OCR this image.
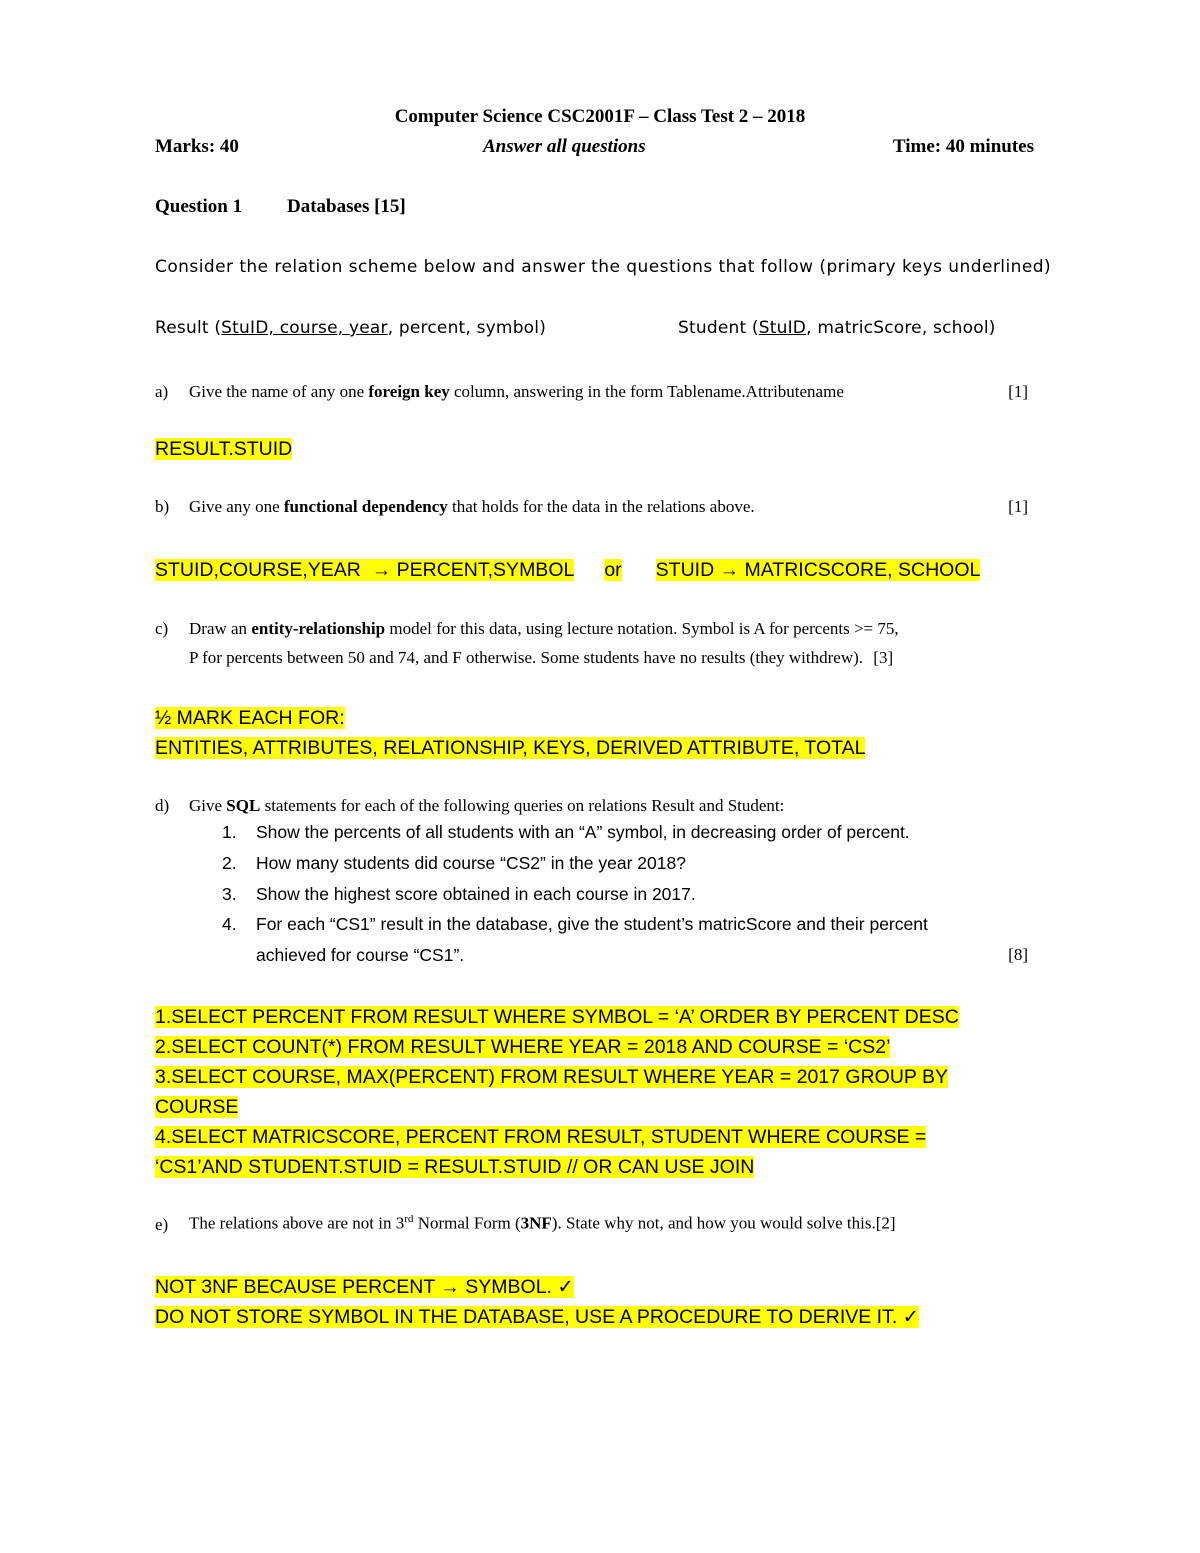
Computer Science CSC2001F – Class Test 2 – 2018
Marks: 40	Answer all questions	Time: 40 minutes
Question 1 Databases [15]
Consider the relation scheme below and answer the questions that follow (primary keys underlined)
Result (StuID, course, year, percent, symbol)	Student (StuID, matricScore, school)
a) Give the name of any one foreign key column, answering in the form Tablename.Attributename	[1]
RESULT.STUID
b) Give any one functional dependency that holds for the data in the relations above.	[1]
STUID,COURSE,YEAR  → PERCENT,SYMBOL or STUID → MATRICSCORE, SCHOOL
c) Draw an entity-relationship model for this data, using lecture notation. Symbol is A for percents >= 75,
P for percents between 50 and 74, and F otherwise. Some students have no results (they withdrew). [3]
½ MARK EACH FOR:
ENTITIES, ATTRIBUTES, RELATIONSHIP, KEYS, DERIVED ATTRIBUTE, TOTAL
d) Give SQL statements for each of the following queries on relations Result and Student:
1. Show the percents of all students with an “A” symbol, in decreasing order of percent.
2. How many students did course “CS2” in the year 2018?
3. Show the highest score obtained in each course in 2017.
4. For each “CS1” result in the database, give the student’s matricScore and their percent
achieved for course “CS1”.	[8]
1.SELECT PERCENT FROM RESULT WHERE SYMBOL = ‘A’ ORDER BY PERCENT DESC
2.SELECT COUNT(*) FROM RESULT WHERE YEAR = 2018 AND COURSE = ‘CS2’
3.SELECT COURSE, MAX(PERCENT) FROM RESULT WHERE YEAR = 2017 GROUP BY
COURSE
4.SELECT MATRICSCORE, PERCENT FROM RESULT, STUDENT WHERE COURSE =
‘CS1’AND STUDENT.STUID = RESULT.STUID // OR CAN USE JOIN
e) The relations above are not in 3rd Normal Form (3NF). State why not, and how you would solve this.[2]
NOT 3NF BECAUSE PERCENT → SYMBOL. ✓
DO NOT STORE SYMBOL IN THE DATABASE, USE A PROCEDURE TO DERIVE IT. ✓
